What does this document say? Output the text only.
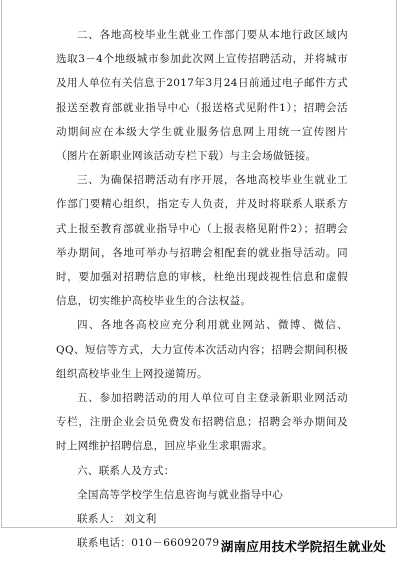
二、各地高校毕业生就业工作部门要从本地行政区域内选取3－4个地级城市参加此次网上宣传招聘活动，并将城市及用人单位有关信息于2017年3月24日前通过电子邮件方式报送至教育部就业指导中心（报送格式见附件1）；招聘会活动期间应在本级大学生就业服务信息网上用统一宣传图片（图片在新职业网该活动专栏下载）与主会场做链接。

三、为确保招聘活动有序开展，各地高校毕业生就业工作部门要精心组织，指定专人负责，并及时将联系人联系方式上报至教育部就业指导中心（上报表格见附件2）；招聘会举办期间，各地可举办与招聘会相配套的就业指导活动。同时，要加强对招聘信息的审核，杜绝出现歧视性信息和虚假信息，切实维护高校毕业生的合法权益。

四、各地各高校应充分利用就业网站、微博、微信、QQ、短信等方式，大力宣传本次活动内容；招聘会期间积极组织高校毕业生上网投递简历。

五、参加招聘活动的用人单位可自主登录新职业网活动专栏，注册企业会员免费发布招聘信息；招聘会举办期间及时上网维护招聘信息，回应毕业生求职需求。

六、联系人及方式：

全国高等学校学生信息咨询与就业指导中心

联系人： 刘文利

联系电话：010－66092079 湖南应用技术学院招生就业处
